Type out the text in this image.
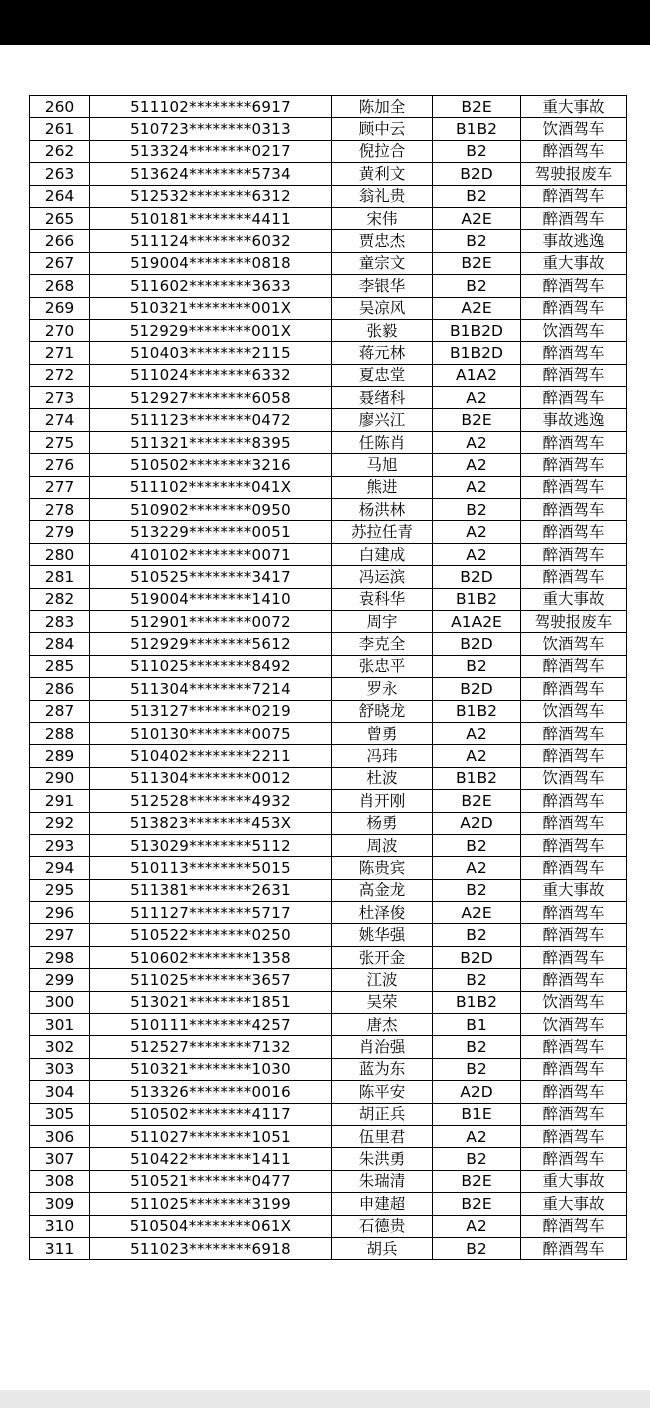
260	511102********6917	陈加全	B2E	重大事故
261	510723********0313	顾中云	B1B2	饮酒驾车
262	513324********0217	倪拉合	B2	醉酒驾车
263	513624********5734	黄利文	B2D	驾驶报废车
264	512532********6312	翁礼贵	B2	醉酒驾车
265	510181********4411	宋伟	A2E	醉酒驾车
266	511124********6032	贾忠杰	B2	事故逃逸
267	519004********0818	童宗文	B2E	重大事故
268	511602********3633	李银华	B2	醉酒驾车
269	510321********001X	吴凉风	A2E	醉酒驾车
270	512929********001X	张毅	B1B2D	饮酒驾车
271	510403********2115	蒋元林	B1B2D	醉酒驾车
272	511024********6332	夏忠堂	A1A2	醉酒驾车
273	512927********6058	聂绪科	A2	醉酒驾车
274	511123********0472	廖兴江	B2E	事故逃逸
275	511321********8395	任陈肖	A2	醉酒驾车
276	510502********3216	马旭	A2	醉酒驾车
277	511102********041X	熊进	A2	醉酒驾车
278	510902********0950	杨洪林	B2	醉酒驾车
279	513229********0051	苏拉任青	A2	醉酒驾车
280	410102********0071	白建成	A2	醉酒驾车
281	510525********3417	冯运滨	B2D	醉酒驾车
282	519004********1410	袁科华	B1B2	重大事故
283	512901********0072	周宇	A1A2E	驾驶报废车
284	512929********5612	李克全	B2D	饮酒驾车
285	511025********8492	张忠平	B2	醉酒驾车
286	511304********7214	罗永	B2D	醉酒驾车
287	513127********0219	舒晓龙	B1B2	饮酒驾车
288	510130********0075	曾勇	A2	醉酒驾车
289	510402********2211	冯玮	A2	醉酒驾车
290	511304********0012	杜波	B1B2	饮酒驾车
291	512528********4932	肖开刚	B2E	醉酒驾车
292	513823********453X	杨勇	A2D	醉酒驾车
293	513029********5112	周波	B2	醉酒驾车
294	510113********5015	陈贵宾	A2	醉酒驾车
295	511381********2631	高金龙	B2	重大事故
296	511127********5717	杜泽俊	A2E	醉酒驾车
297	510522********0250	姚华强	B2	醉酒驾车
298	510602********1358	张开金	B2D	醉酒驾车
299	511025********3657	江波	B2	醉酒驾车
300	513021********1851	吴荣	B1B2	饮酒驾车
301	510111********4257	唐杰	B1	饮酒驾车
302	512527********7132	肖治强	B2	醉酒驾车
303	510321********1030	蓝为东	B2	醉酒驾车
304	513326********0016	陈平安	A2D	醉酒驾车
305	510502********4117	胡正兵	B1E	醉酒驾车
306	511027********1051	伍里君	A2	醉酒驾车
307	510422********1411	朱洪勇	B2	醉酒驾车
308	510521********0477	朱瑞清	B2E	重大事故
309	511025********3199	申建超	B2E	重大事故
310	510504********061X	石德贵	A2	醉酒驾车
311	511023********6918	胡兵	B2	醉酒驾车
